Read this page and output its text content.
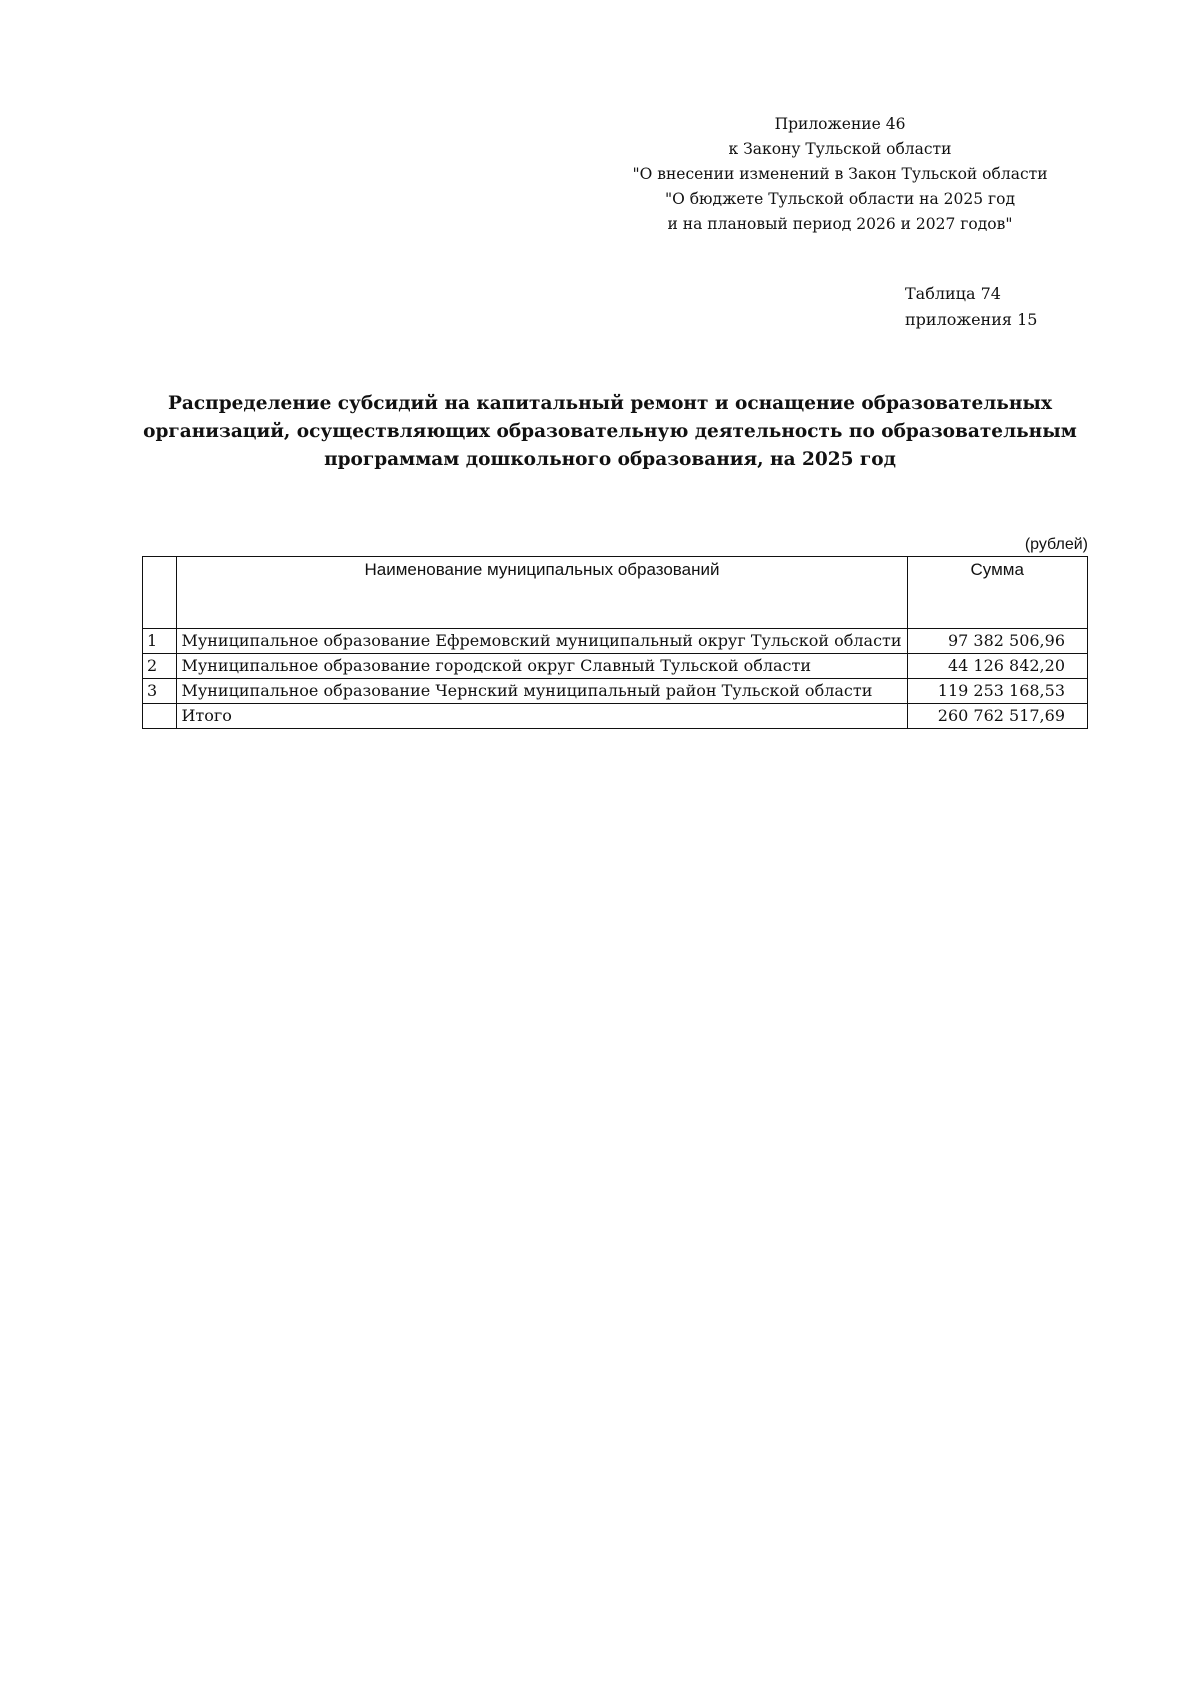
Приложение 46
к Закону Тульской области
"О внесении изменений в Закон Тульской области
"О бюджете Тульской области на 2025 год
и на плановый период 2026 и 2027 годов"
Таблица 74
приложения 15
Распределение субсидий на капитальный ремонт и оснащение образовательных организаций, осуществляющих образовательную деятельность по образовательным программам дошкольного образования, на 2025 год
(рублей)
	Наименование муниципальных образований	Сумма
1	Муниципальное образование Ефремовский муниципальный округ Тульской области	97 382 506,96
2	Муниципальное образование городской округ Славный Тульской области	44 126 842,20
3	Муниципальное образование Чернский муниципальный район Тульской области	119 253 168,53
	Итого	260 762 517,69
